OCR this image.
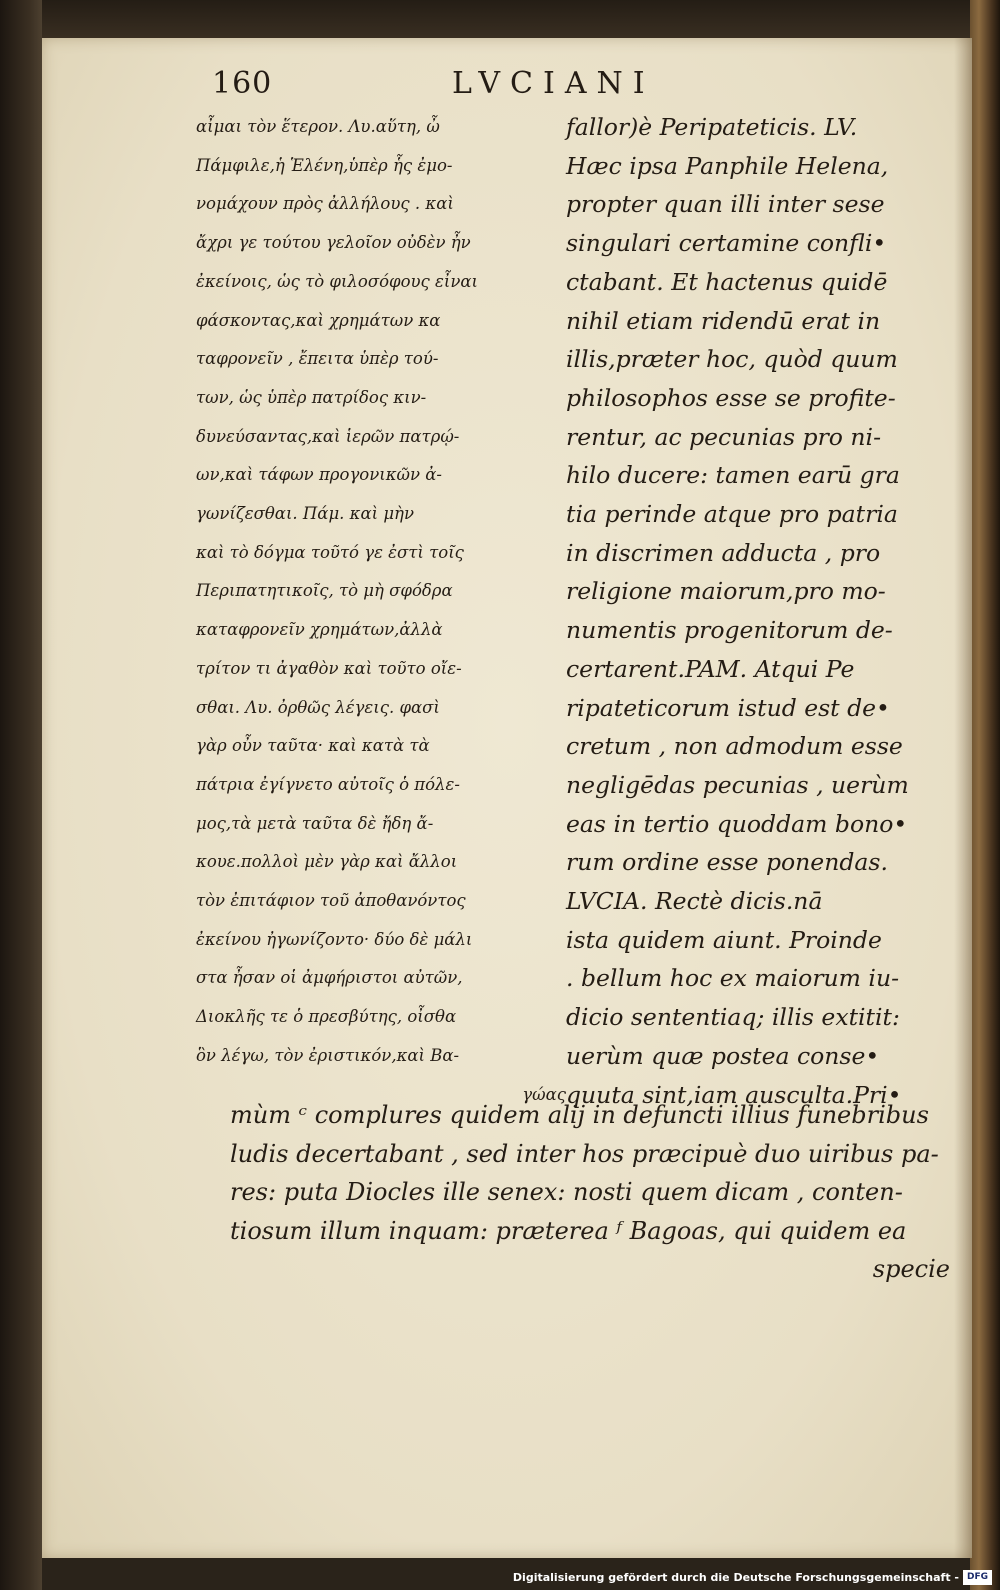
160	LVCIANI
αἶμαι τὸν ἕτερον. Λυ.αὕτη, ὦ
Πάμφιλε,ἡ Ἑλένη,ὑπὲρ ἧς ἐμο-
νομάχουν πρὸς ἀλλήλους . καὶ
ἄχρι γε τούτου γελοῖον οὐδὲν ἦν
ἐκείνοις, ὡς τὸ φιλοσόφους εἶναι
φάσκοντας,καὶ χρημάτων κα
ταφρονεῖν , ἔπειτα ὑπὲρ τού-
των, ὡς ὑπὲρ πατρίδος κιν-
δυνεύσαντας,καὶ ἱερῶν πατρῴ-
ων,καὶ τάφων προγονικῶν ἀ-
γωνίζεσθαι. Πάμ. καὶ μὴν
καὶ τὸ δόγμα τοῦτό γε ἐστὶ τοῖς
Περιπατητικοῖς, τὸ μὴ σφόδρα
καταφρονεῖν χρημάτων,ἀλλὰ
τρίτον τι ἀγαθὸν καὶ τοῦτο οἴε-
σθαι. Λυ. ὀρθῶς λέγεις. φασὶ
γὰρ οὖν ταῦτα· καὶ κατὰ τὰ
πάτρια ἐγίγνετο αὐτοῖς ὁ πόλε-
μος,τὰ μετὰ ταῦτα δὲ ἤδη ἄ-
κουε.πολλοὶ μὲν γὰρ καὶ ἄλλοι
τὸν ἐπιτάφιον τοῦ ἀποθανόντος
ἐκείνου ἠγωνίζοντο· δύο δὲ μάλι
στα ἦσαν οἱ ἀμφήριστοι αὐτῶν,
Διοκλῆς τε ὁ πρεσβύτης, οἶσθα
ὃν λέγω, τὸν ἐριστικόν,καὶ Βα-
γώας
fallor)è Peripateticis. LV.
Hæc ipsa Panphile Helena,
propter quan illi inter sese
singulari certamine confli•
ctabant. Et hactenus quidē
nihil etiam ridendū erat in
illis,præter hoc, quòd quum
philosophos esse se profite-
rentur, ac pecunias pro ni-
hilo ducere: tamen earū gra
tia perinde atque pro patria
in discrimen adducta , pro
religione maiorum,pro mo-
numentis progenitorum de-
certarent.PAM. Atqui Pe
ripateticorum istud est de•
cretum , non admodum esse
negligēdas pecunias , uerùm
eas in tertio quoddam bono•
rum ordine esse ponendas.
LVCIA. Rectè dicis.nā
ista quidem aiunt. Proinde
. bellum hoc ex maiorum iu-
dicio sententiaq; illis extitit:
uerùm quæ postea conse•
quuta sint,iam ausculta.Pri•
specie
mùm ᶜ complures quidem alij in defuncti illius funebribus
ludis decertabant , sed inter hos præcipuè duo uiribus pa-
res: puta Diocles ille senex: nosti quem dicam , conten-
tiosum illum inquam: præterea ᶠ Bagoas, qui quidem ea
Digitalisierung gefördert durch die Deutsche Forschungsgemeinschaft - DFG
